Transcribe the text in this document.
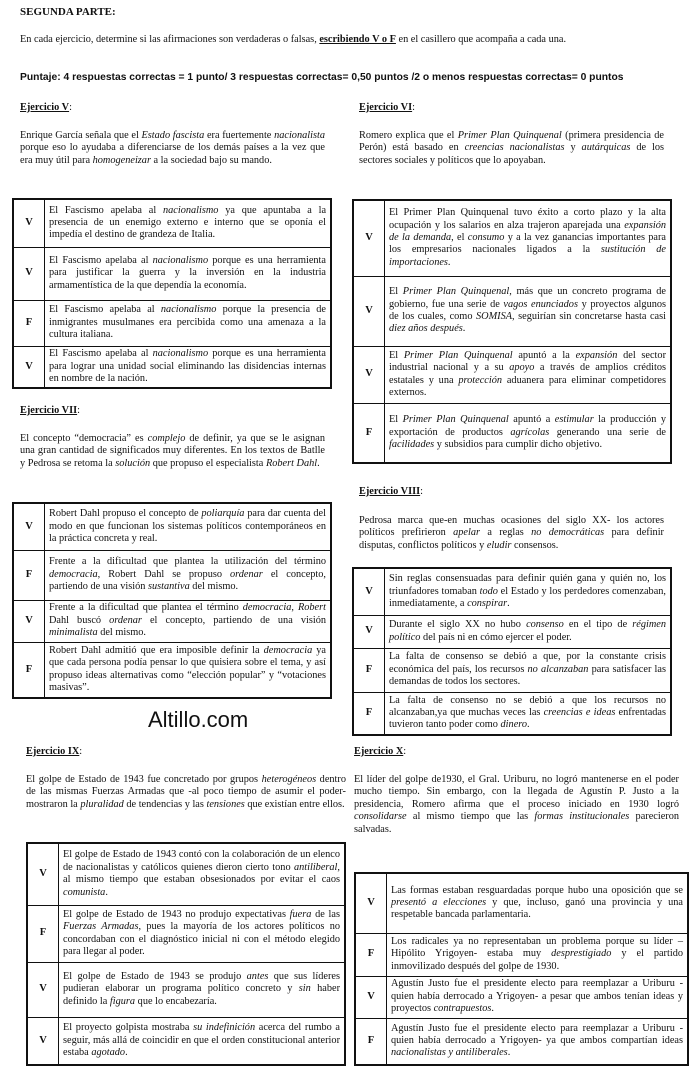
SEGUNDA PARTE:
En cada ejercicio, determine si las afirmaciones son verdaderas o falsas, escribiendo V o F en el casillero que acompaña a cada una.
Puntaje: 4 respuestas correctas = 1 punto/ 3 respuestas correctas= 0,50 puntos /2 o menos respuestas correctas= 0 puntos
Ejercicio V:
Enrique García señala que el Estado fascista era fuertemente nacionalista porque eso lo ayudaba a diferenciarse de los demás países a la vez que era muy útil para homogeneizar a la sociedad bajo su mando.
V	El Fascismo apelaba al nacionalismo ya que apuntaba a la presencia de un enemigo externo e interno que se oponía el impedía el destino de grandeza de Italia.
V	El Fascismo apelaba al nacionalismo porque es una herramienta para justificar la guerra y la inversión en la industria armamentística de la que dependía la economía.
F	El Fascismo apelaba al nacionalismo porque la presencia de inmigrantes musulmanes era percibida como una amenaza a la cultura italiana.
V	El Fascismo apelaba al nacionalismo porque es una herramienta para lograr una unidad social eliminando las disidencias internas en nombre de la nación.
Ejercicio VI:
Romero explica que el Primer Plan Quinquenal (primera presidencia de Perón) está basado en creencias nacionalistas y autárquicas de los sectores sociales y políticos que lo apoyaban.
V	El Primer Plan Quinquenal tuvo éxito a corto plazo y la alta ocupación y los salarios en alza trajeron aparejada una expansión de la demanda, el consumo y a la vez ganancias importantes para los empresarios nacionales ligados a la sustitución de importaciones.
V	El Primer Plan Quinquenal, más que un concreto programa de gobierno, fue una serie de vagos enunciados y proyectos algunos de los cuales, como SOMISA, seguirían sin concretarse hasta casi diez años después.
V	El Primer Plan Quinquenal apuntó a la expansión del sector industrial nacional y a su apoyo a través de amplios créditos estatales y una protección aduanera para eliminar competidores externos.
F	El Primer Plan Quinquenal apuntó a estimular la producción y exportación de productos agrícolas generando una serie de facilidades y subsidios para cumplir dicho objetivo.
Ejercicio VII:
El concepto “democracia” es complejo de definir, ya que se le asignan una gran cantidad de significados muy diferentes. En los textos de Batlle y Pedrosa se retoma la solución que propuso el especialista Robert Dahl.
V	Robert Dahl propuso el concepto de poliarquía para dar cuenta del modo en que funcionan los sistemas políticos contemporáneos en la práctica concreta y real.
F	Frente a la dificultad que plantea la utilización del término democracia, Robert Dahl se propuso ordenar el concepto, partiendo de una visión sustantiva del mismo.
V	Frente a la dificultad que plantea el término democracia, Robert Dahl buscó ordenar el concepto, partiendo de una visión minimalista del mismo.
F	Robert Dahl admitió que era imposible definir la democracia ya que cada persona podía pensar lo que quisiera sobre el tema, y así propuso ideas alternativas como “elección popular” y “votaciones masivas”.
Ejercicio VIII:
Pedrosa marca que-en muchas ocasiones del siglo XX- los actores políticos prefirieron apelar a reglas no democráticas para definir disputas, conflictos políticos y eludir consensos.
V	Sin reglas consensuadas para definir quién gana y quién no, los triunfadores tomaban todo el Estado y los perdedores comenzaban, inmediatamente, a conspirar.
V	Durante el siglo XX no hubo consenso en el tipo de régimen político del país ni en cómo ejercer el poder.
F	La falta de consenso se debió a que, por la constante crisis económica del país, los recursos no alcanzaban para satisfacer las demandas de todos los sectores.
F	La falta de consenso no se debió a que los recursos no alcanzaban,ya que muchas veces las creencias e ideas enfrentadas tuvieron tanto poder como dinero.
Altillo.com
Ejercicio IX:
El golpe de Estado de 1943 fue concretado por grupos heterogéneos dentro de las mismas Fuerzas Armadas que -al poco tiempo de asumir el poder- mostraron la pluralidad de tendencias y las tensiones que existían entre ellos.
V	El golpe de Estado de 1943 contó con la colaboración de un elenco de nacionalistas y católicos quienes dieron cierto tono antiliberal, al mismo tiempo que estaban obsesionados por evitar el caos comunista.
F	El golpe de Estado de 1943 no produjo expectativas fuera de las Fuerzas Armadas, pues la mayoría de los actores políticos no concordaban con el diagnóstico inicial ni con el método elegido para llegar al poder.
V	El golpe de Estado de 1943 se produjo antes que sus líderes pudieran elaborar un programa político concreto y sin haber definido la figura que lo encabezaría.
V	El proyecto golpista mostraba su indefinición acerca del rumbo a seguir, más allá de coincidir en que el orden constitucional anterior estaba agotado.
Ejercicio X:
El líder del golpe de1930, el Gral. Uriburu, no logró mantenerse en el poder mucho tiempo. Sin embargo, con la llegada de Agustín P. Justo a la presidencia, Romero afirma que el proceso iniciado en 1930 logró consolidarse al mismo tiempo que las formas institucionales parecieron salvadas.
V	Las formas estaban resguardadas porque hubo una oposición que se presentó a elecciones y que, incluso, ganó una provincia y una respetable bancada parlamentaria.
F	Los radicales ya no representaban un problema porque su líder –Hipólito Yrigoyen- estaba muy desprestigiado y el partido inmovilizado después del golpe de 1930.
V	Agustín Justo fue el presidente electo para reemplazar a Uriburu -quien había derrocado a Yrigoyen- a pesar que ambos tenían ideas y proyectos contrapuestos.
F	Agustín Justo fue el presidente electo para reemplazar a Uriburu -quien había derrocado a Yrigoyen- ya que ambos compartían ideas nacionalistas y antiliberales.
